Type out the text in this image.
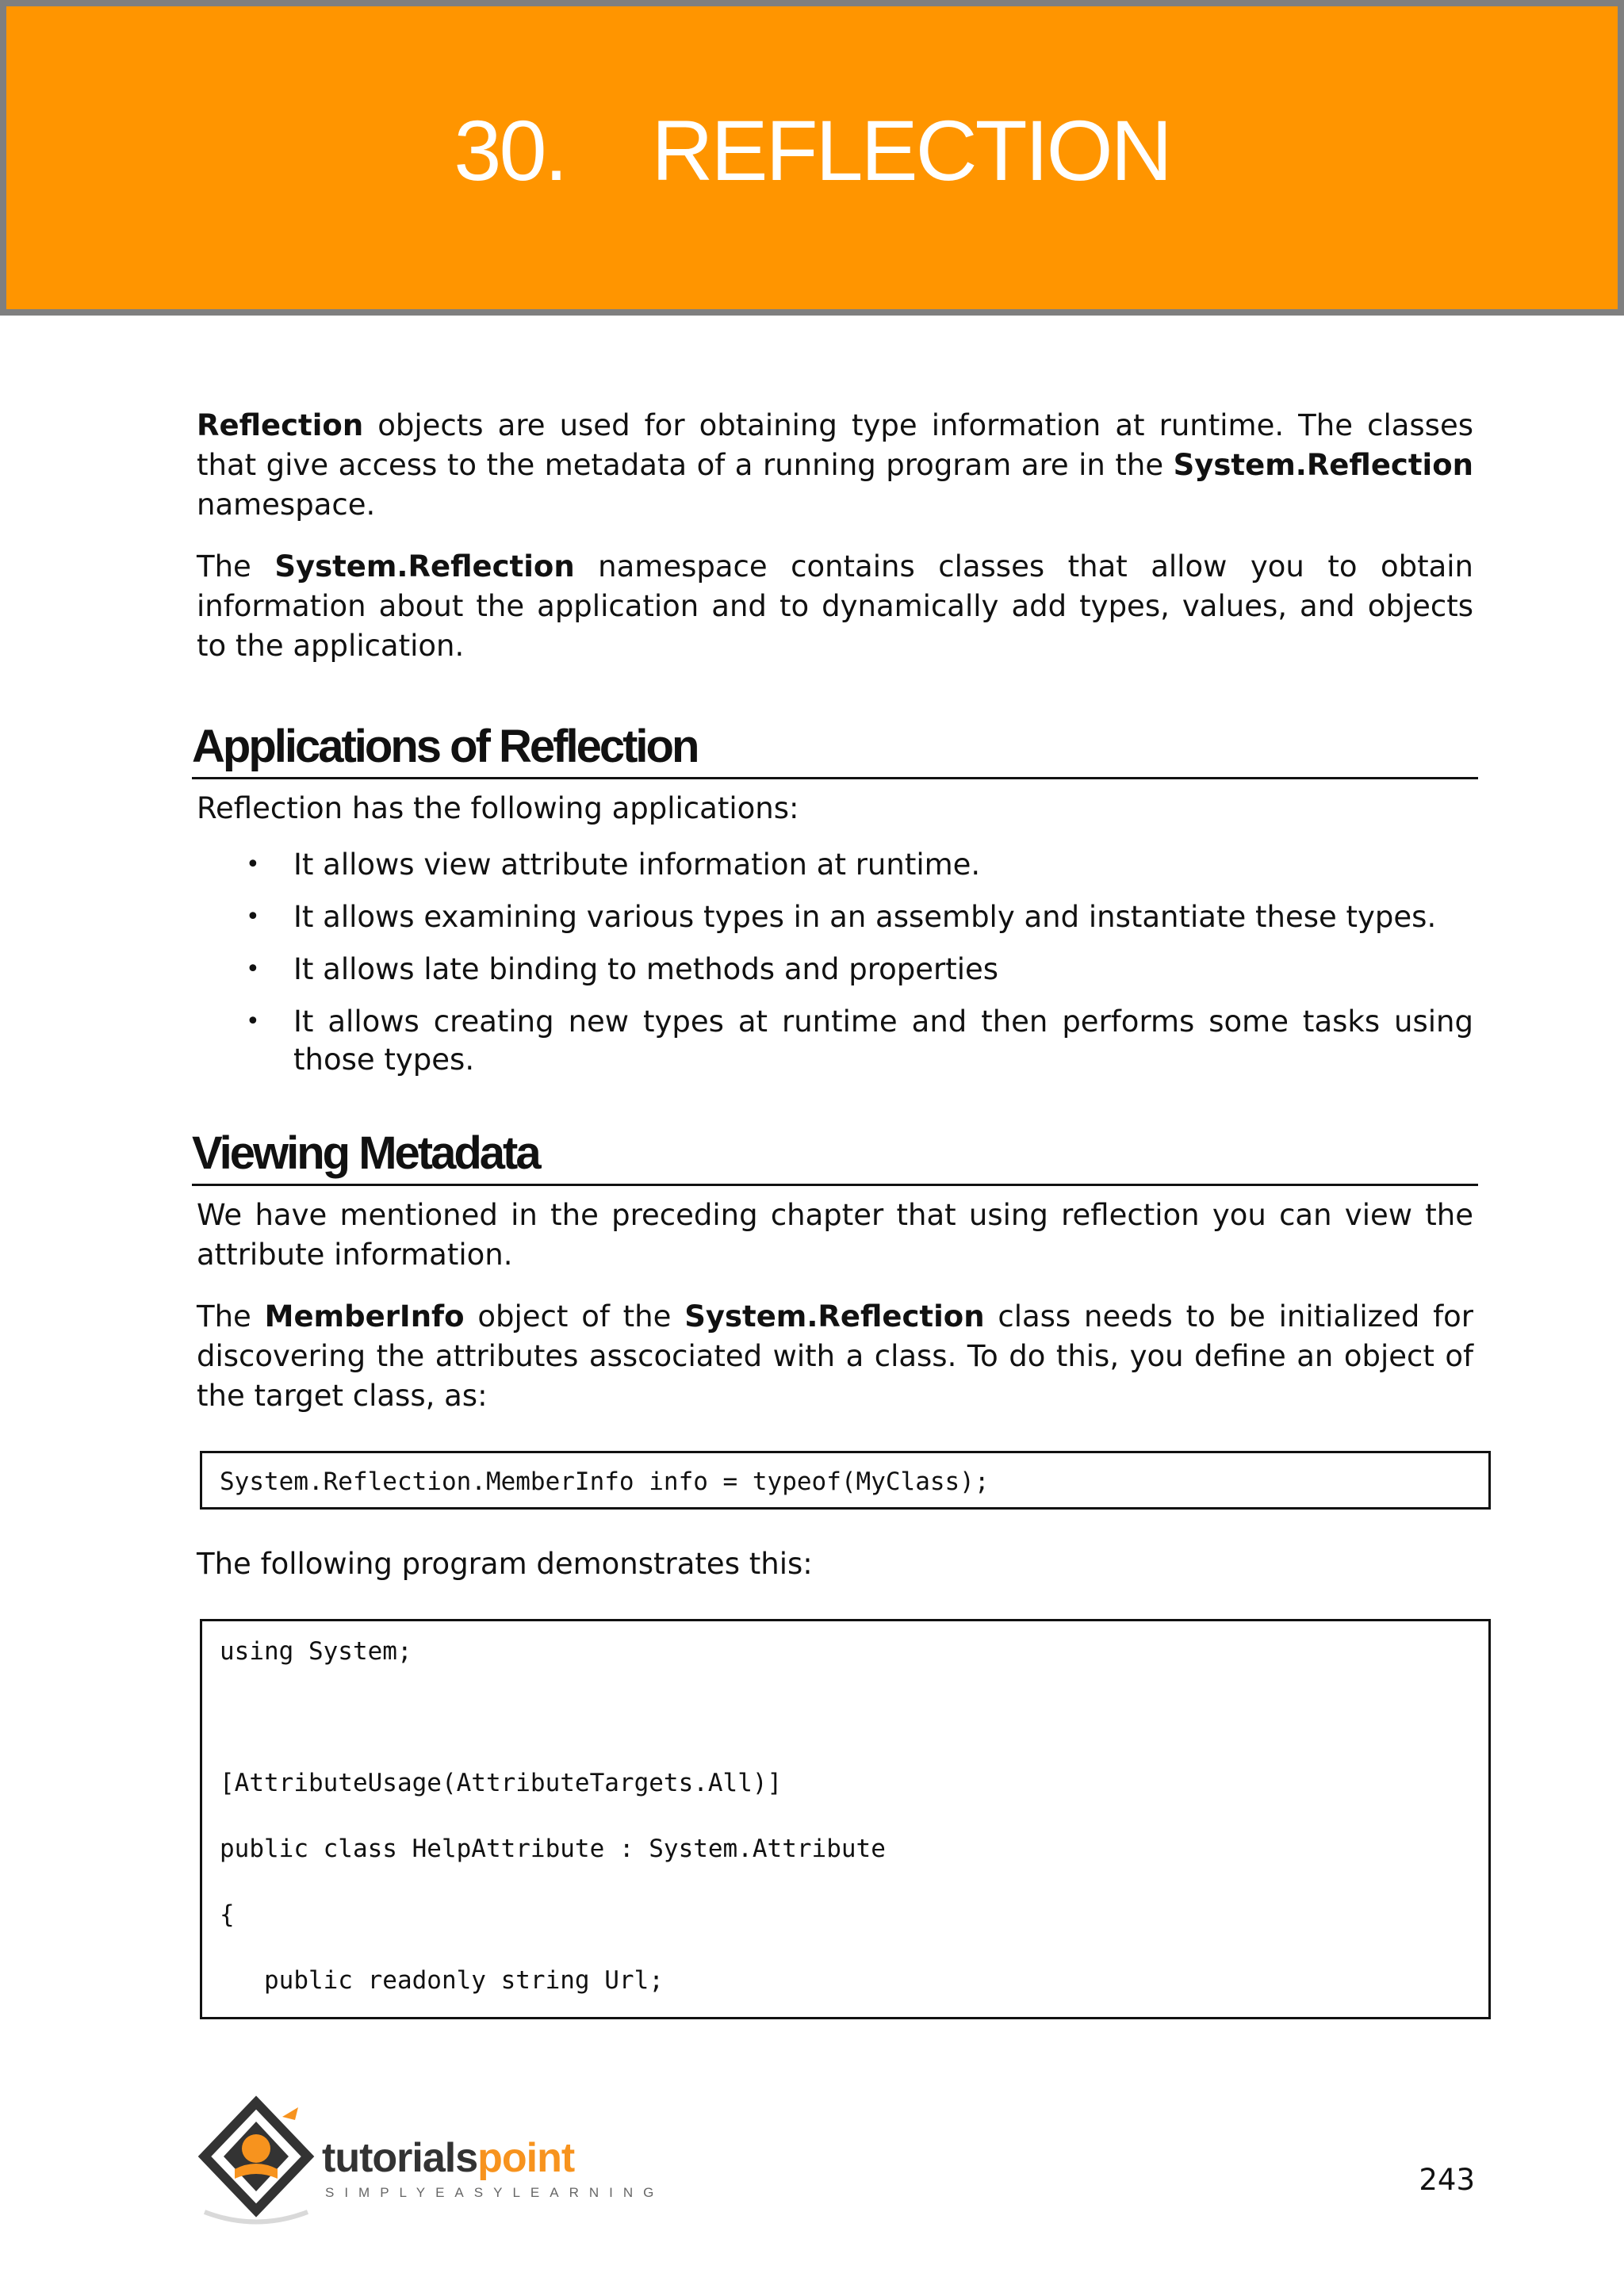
30.    REFLECTION

Reflection objects are used for obtaining type information at runtime. The classes that give access to the metadata of a running program are in the System.Reflection namespace.

The System.Reflection namespace contains classes that allow you to obtain information about the application and to dynamically add types, values, and objects to the application.

Applications of Reflection

Reflection has the following applications:

• It allows view attribute information at runtime.
• It allows examining various types in an assembly and instantiate these types.
• It allows late binding to methods and properties
• It allows creating new types at runtime and then performs some tasks using those types.
Viewing Metadata

We have mentioned in the preceding chapter that using reflection you can view the attribute information.

The MemberInfo object of the System.Reflection class needs to be initialized for discovering the attributes asscociated with a class. To do this, you define an object of the target class, as:

System.Reflection.MemberInfo info = typeof(MyClass);

The following program demonstrates this:

using System;
[AttributeUsage(AttributeTargets.All)]
public class HelpAttribute : System.Attribute
{
public readonly string Url;
tutorialspoint
SIMPLYEASYLEARNING	243
